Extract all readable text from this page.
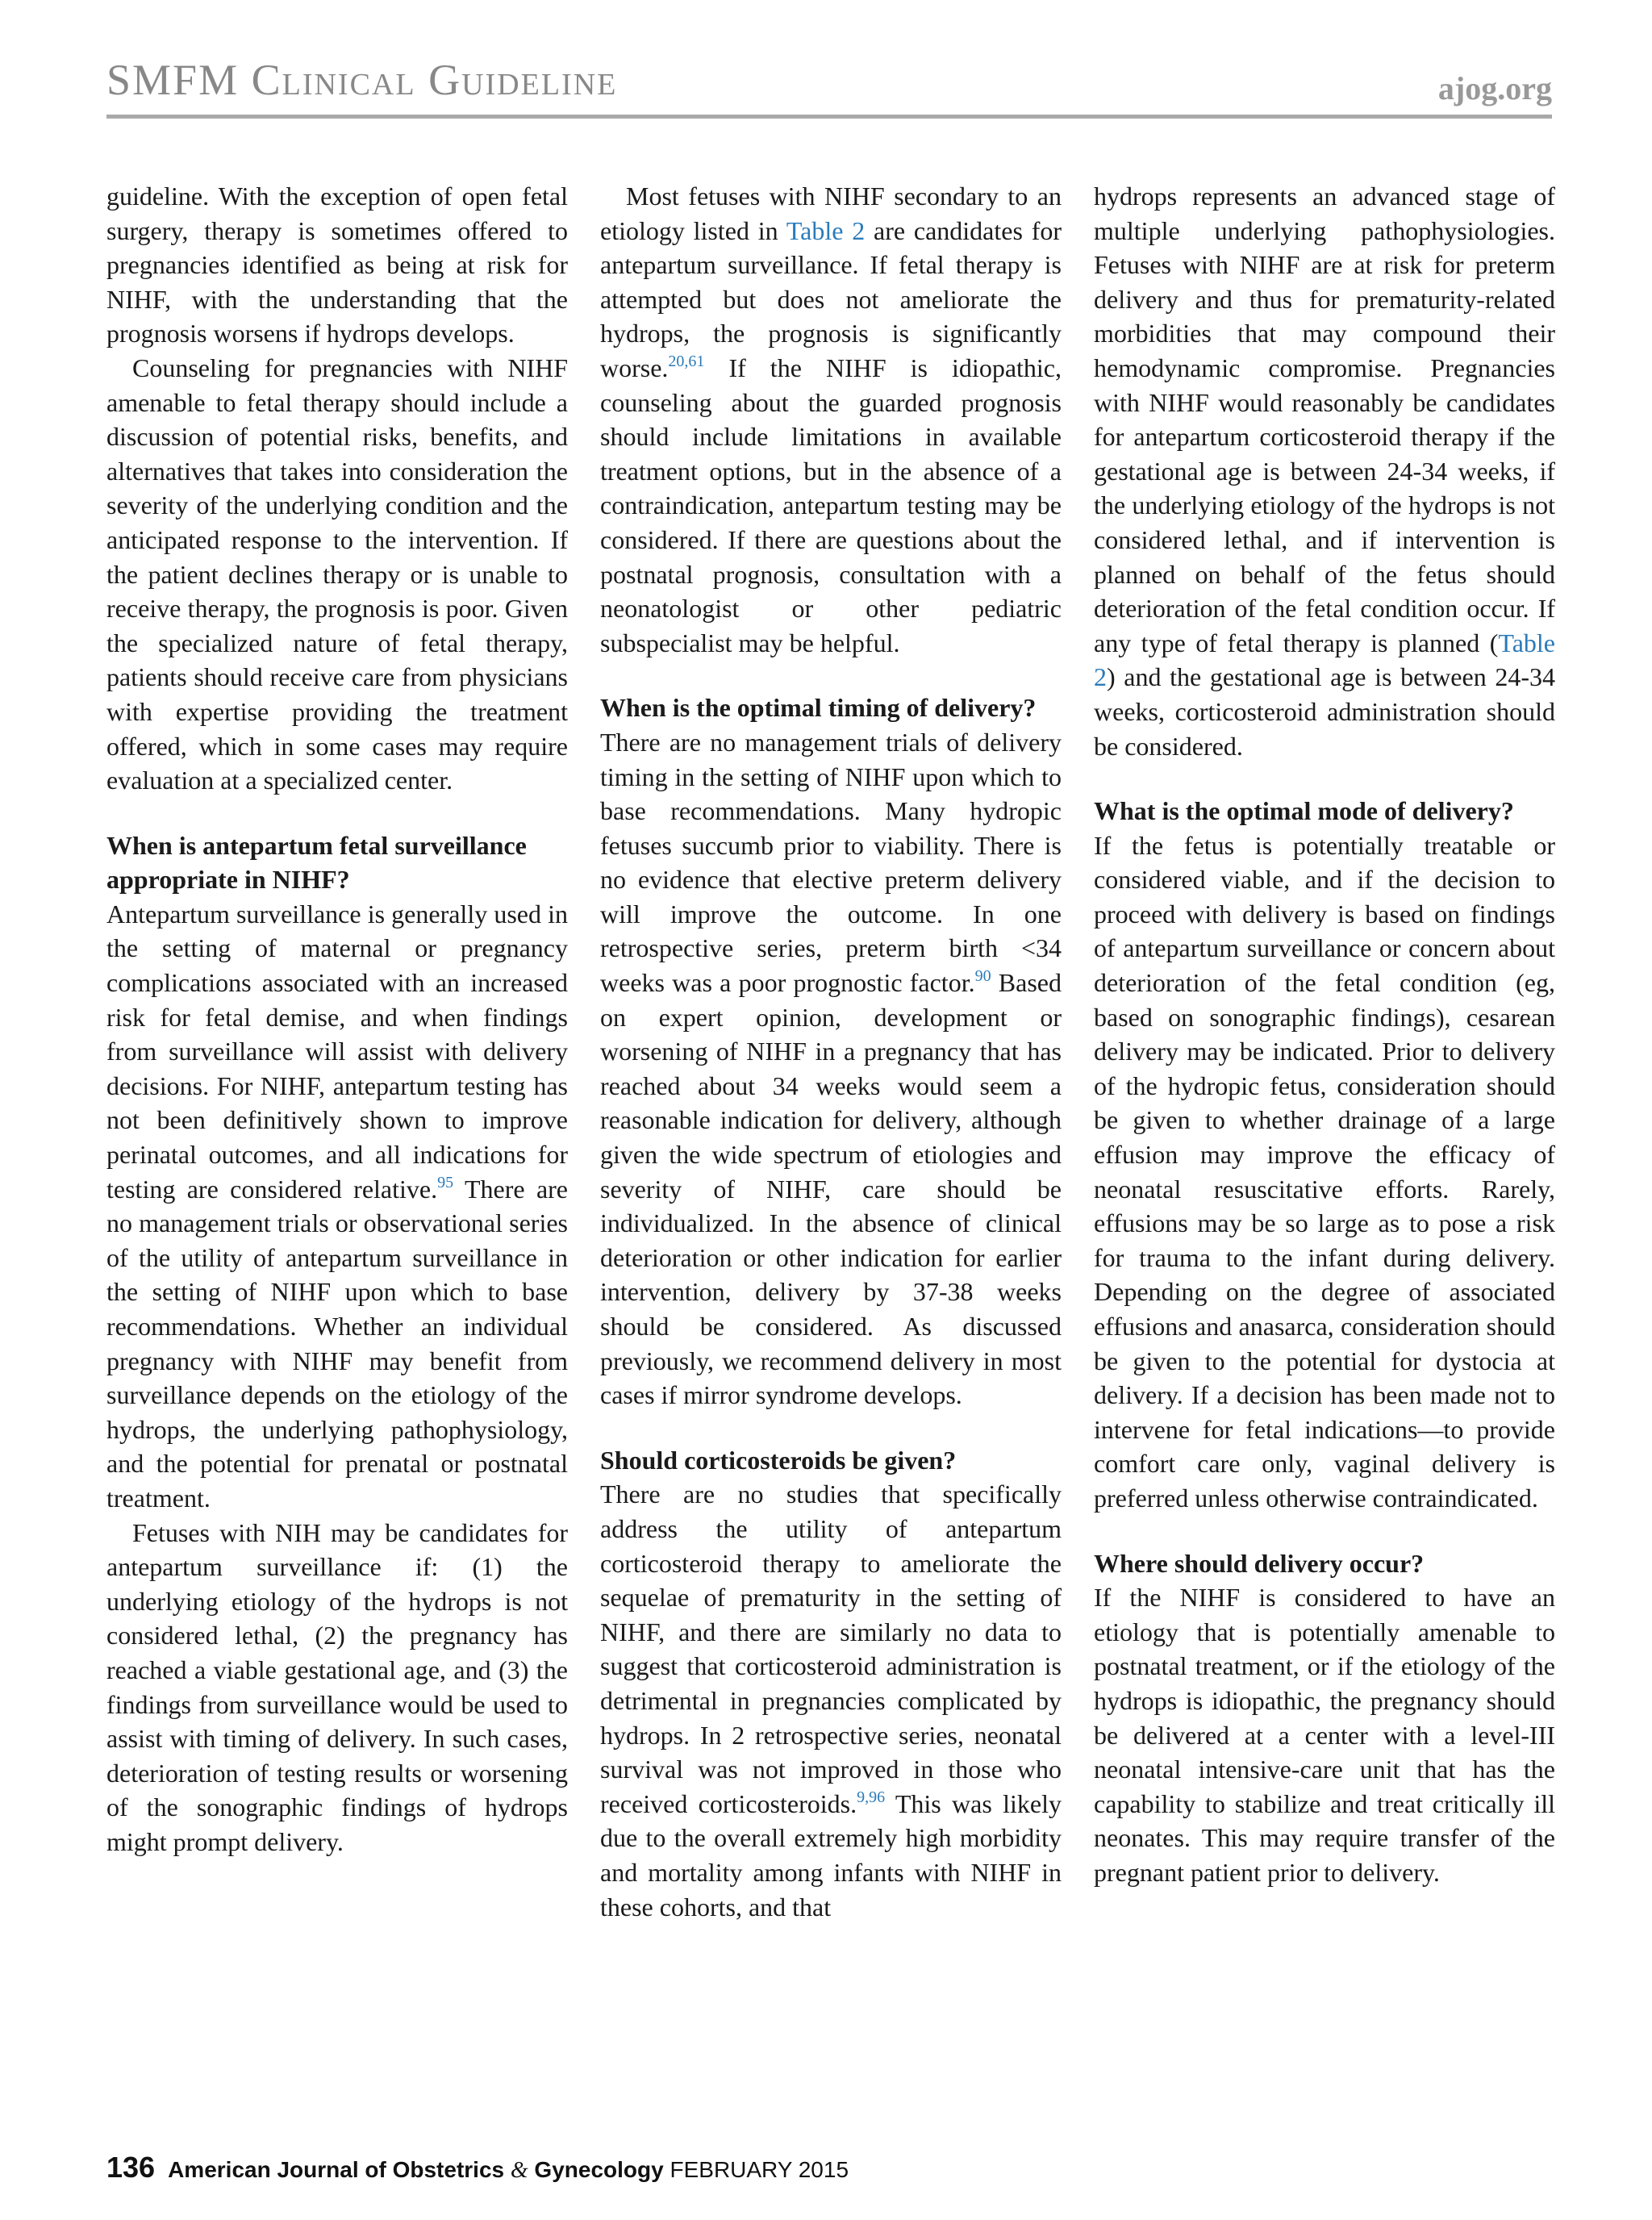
SMFM Clinical Guideline	ajog.org

guideline. With the exception of open fetal surgery, therapy is sometimes offered to pregnancies identified as being at risk for NIHF, with the understanding that the prognosis worsens if hydrops develops.

Counseling for pregnancies with NIHF amenable to fetal therapy should include a discussion of potential risks, benefits, and alternatives that takes into consideration the severity of the underlying condition and the anticipated response to the intervention. If the patient declines therapy or is unable to receive therapy, the prognosis is poor. Given the specialized nature of fetal therapy, patients should receive care from physicians with expertise providing the treatment offered, which in some cases may require evaluation at a specialized center.

When is antepartum fetal surveillance appropriate in NIHF?

Antepartum surveillance is generally used in the setting of maternal or pregnancy complications associated with an increased risk for fetal demise, and when findings from surveillance will assist with delivery decisions. For NIHF, antepartum testing has not been definitively shown to improve perinatal outcomes, and all indications for testing are considered relative.$^{95}$ There are no management trials or observational series of the utility of antepartum surveillance in the setting of NIHF upon which to base recommendations. Whether an individual pregnancy with NIHF may benefit from surveillance depends on the etiology of the hydrops, the underlying pathophysiology, and the potential for prenatal or postnatal treatment.

Fetuses with NIH may be candidates for antepartum surveillance if: (1) the underlying etiology of the hydrops is not considered lethal, (2) the pregnancy has reached a viable gestational age, and (3) the findings from surveillance would be used to assist with timing of delivery. In such cases, deterioration of testing results or worsening of the sonographic findings of hydrops might prompt delivery.

Most fetuses with NIHF secondary to an etiology listed in Table 2 are candidates for antepartum surveillance. If fetal therapy is attempted but does not ameliorate the hydrops, the prognosis is significantly worse.$^{20,61}$ If the NIHF is idiopathic, counseling about the guarded prognosis should include limitations in available treatment options, but in the absence of a contraindication, antepartum testing may be considered. If there are questions about the postnatal prognosis, consultation with a neonatologist or other pediatric subspecialist may be helpful.

When is the optimal timing of delivery?

There are no management trials of delivery timing in the setting of NIHF upon which to base recommendations. Many hydropic fetuses succumb prior to viability. There is no evidence that elective preterm delivery will improve the outcome. In one retrospective series, preterm birth <34 weeks was a poor prognostic factor.$^{90}$ Based on expert opinion, development or worsening of NIHF in a pregnancy that has reached about 34 weeks would seem a reasonable indication for delivery, although given the wide spectrum of etiologies and severity of NIHF, care should be individualized. In the absence of clinical deterioration or other indication for earlier intervention, delivery by 37-38 weeks should be considered. As discussed previously, we recommend delivery in most cases if mirror syndrome develops.

Should corticosteroids be given?

There are no studies that specifically address the utility of antepartum corticosteroid therapy to ameliorate the sequelae of prematurity in the setting of NIHF, and there are similarly no data to suggest that corticosteroid administration is detrimental in pregnancies complicated by hydrops. In 2 retrospective series, neonatal survival was not improved in those who received corticosteroids.$^{9,96}$ This was likely due to the overall extremely high morbidity and mortality among infants with NIHF in these cohorts, and that

hydrops represents an advanced stage of multiple underlying pathophysiologies. Fetuses with NIHF are at risk for preterm delivery and thus for prematurity-related morbidities that may compound their hemodynamic compromise. Pregnancies with NIHF would reasonably be candidates for antepartum corticosteroid therapy if the gestational age is between 24-34 weeks, if the underlying etiology of the hydrops is not considered lethal, and if intervention is planned on behalf of the fetus should deterioration of the fetal condition occur. If any type of fetal therapy is planned (Table 2) and the gestational age is between 24-34 weeks, corticosteroid administration should be considered.

What is the optimal mode of delivery?

If the fetus is potentially treatable or considered viable, and if the decision to proceed with delivery is based on findings of antepartum surveillance or concern about deterioration of the fetal condition (eg, based on sonographic findings), cesarean delivery may be indicated. Prior to delivery of the hydropic fetus, consideration should be given to whether drainage of a large effusion may improve the efficacy of neonatal resuscitative efforts. Rarely, effusions may be so large as to pose a risk for trauma to the infant during delivery. Depending on the degree of associated effusions and anasarca, consideration should be given to the potential for dystocia at delivery. If a decision has been made not to intervene for fetal indications—to provide comfort care only, vaginal delivery is preferred unless otherwise contraindicated.

Where should delivery occur?

If the NIHF is considered to have an etiology that is potentially amenable to postnatal treatment, or if the etiology of the hydrops is idiopathic, the pregnancy should be delivered at a center with a level-III neonatal intensive-care unit that has the capability to stabilize and treat critically ill neonates. This may require transfer of the pregnant patient prior to delivery.

136 American Journal of Obstetrics & Gynecology FEBRUARY 2015
